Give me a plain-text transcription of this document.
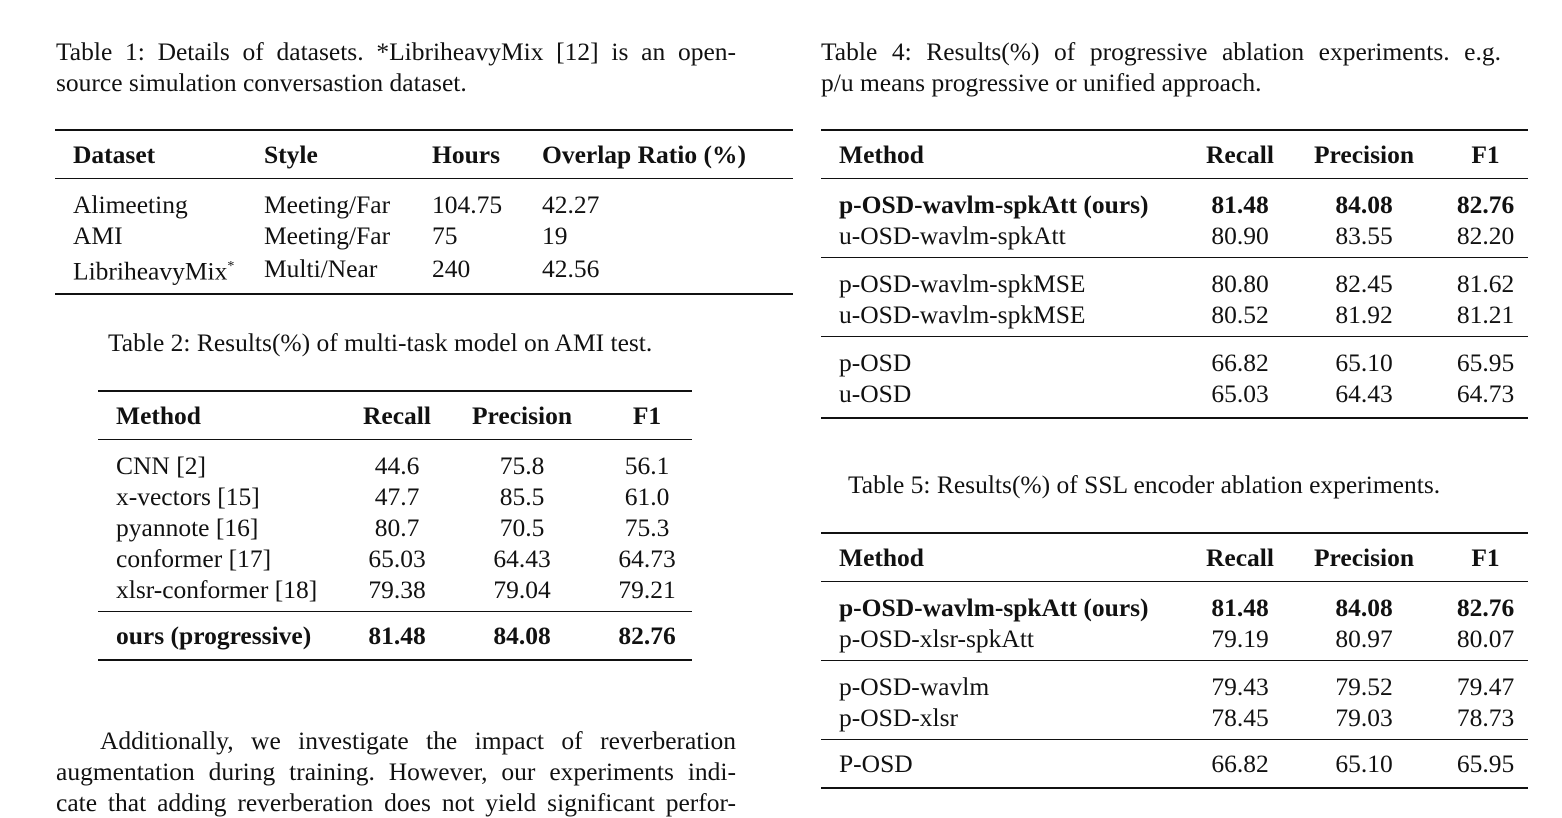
Table 1: Details of datasets. *LibriheavyMix [12] is an open-
source simulation conversastion dataset.
Dataset	Style	Hours	Overlap Ratio (%)
Alimeeting	Meeting/Far	104.75	42.27
AMI	Meeting/Far	75	19
LibriheavyMix*	Multi/Near	240	42.56
Table 2: Results(%) of multi-task model on AMI test.
Method	Recall	Precision	F1
CNN [2]	44.6	75.8	56.1
x-vectors [15]	47.7	85.5	61.0
pyannote [16]	80.7	70.5	75.3
conformer [17]	65.03	64.43	64.73
xlsr-conformer [18]	79.38	79.04	79.21
ours (progressive)	81.48	84.08	82.76
Additionally, we investigate the impact of reverberation
augmentation during training. However, our experiments indi-
cate that adding reverberation does not yield significant perfor-
Table 4: Results(%) of progressive ablation experiments. e.g.
p/u means progressive or unified approach.
Method	Recall	Precision	F1
p-OSD-wavlm-spkAtt (ours)	81.48	84.08	82.76
u-OSD-wavlm-spkAtt	80.90	83.55	82.20
p-OSD-wavlm-spkMSE	80.80	82.45	81.62
u-OSD-wavlm-spkMSE	80.52	81.92	81.21
p-OSD	66.82	65.10	65.95
u-OSD	65.03	64.43	64.73
Table 5: Results(%) of SSL encoder ablation experiments.
Method	Recall	Precision	F1
p-OSD-wavlm-spkAtt (ours)	81.48	84.08	82.76
p-OSD-xlsr-spkAtt	79.19	80.97	80.07
p-OSD-wavlm	79.43	79.52	79.47
p-OSD-xlsr	78.45	79.03	78.73
P-OSD	66.82	65.10	65.95
